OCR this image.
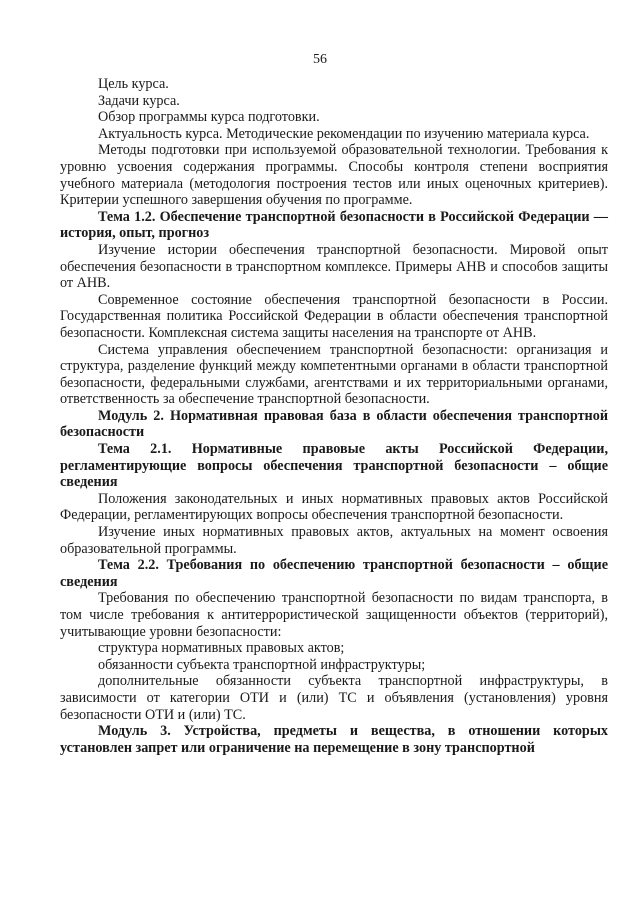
56

Цель курса.

Задачи курса.

Обзор программы курса подготовки.

Актуальность курса. Методические рекомендации по изучению материала курса.

Методы подготовки при используемой образовательной технологии. Требования к уровню усвоения содержания программы. Способы контроля степени восприятия учебного материала (методология построения тестов или иных оценочных критериев). Критерии успешного завершения обучения по программе.

Тема 1.2. Обеспечение транспортной безопасности в Российской Федерации — история, опыт, прогноз

Изучение истории обеспечения транспортной безопасности. Мировой опыт обеспечения безопасности в транспортном комплексе. Примеры АНВ и способов защиты от АНВ.

Современное состояние обеспечения транспортной безопасности в России. Государственная политика Российской Федерации в области обеспечения транспортной безопасности. Комплексная система защиты населения на транспорте от АНВ.

Система управления обеспечением транспортной безопасности: организация и структура, разделение функций между компетентными органами в области транспортной безопасности, федеральными службами, агентствами и их территориальными органами, ответственность за обеспечение транспортной безопасности.

Модуль 2. Нормативная правовая база в области обеспечения транспортной безопасности

Тема 2.1. Нормативные правовые акты Российской Федерации, регламентирующие вопросы обеспечения транспортной безопасности – общие сведения

Положения законодательных и иных нормативных правовых актов Российской Федерации, регламентирующих вопросы обеспечения транспортной безопасности.

Изучение иных нормативных правовых актов, актуальных на момент освоения образовательной программы.

Тема 2.2. Требования по обеспечению транспортной безопасности – общие сведения

Требования по обеспечению транспортной безопасности по видам транспорта, в том числе требования к антитеррористической защищенности объектов (территорий), учитывающие уровни безопасности:

структура нормативных правовых актов;

обязанности субъекта транспортной инфраструктуры;

дополнительные обязанности субъекта транспортной инфраструктуры, в зависимости от категории ОТИ и (или) ТС и объявления (установления) уровня безопасности ОТИ и (или) ТС.

Модуль 3. Устройства, предметы и вещества, в отношении которых установлен запрет или ограничение на перемещение в зону транспортной
